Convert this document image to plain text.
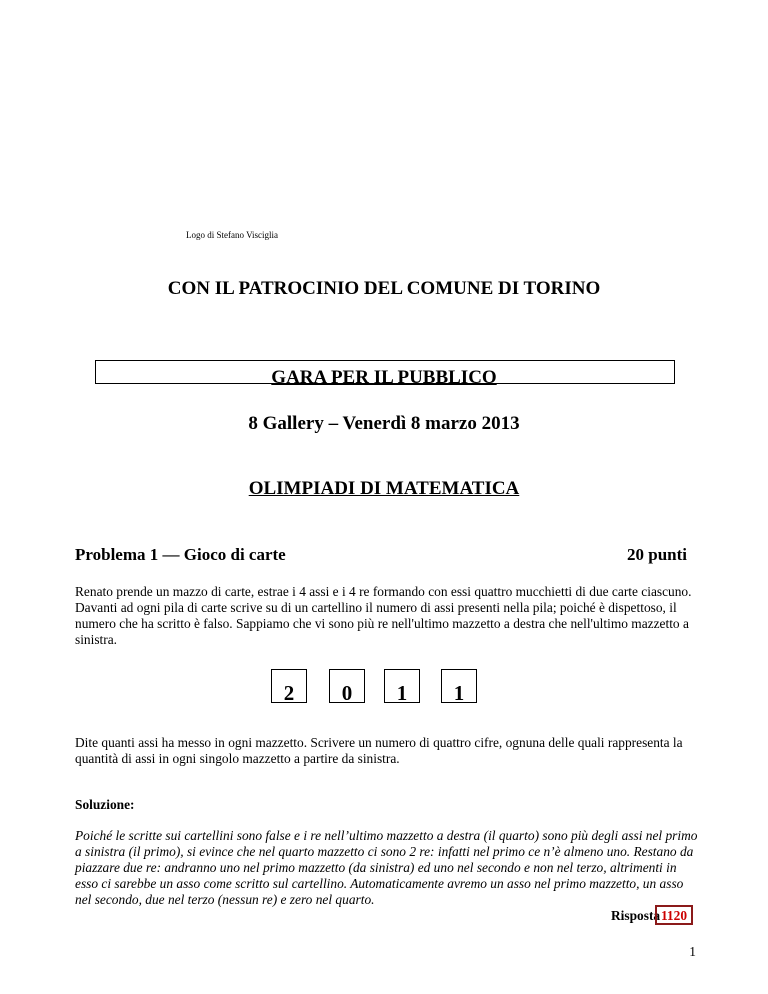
Logo di Stefano Visciglia
CON IL PATROCINIO DEL COMUNE DI TORINO
GARA PER IL PUBBLICO
8 Gallery – Venerdì 8 marzo 2013
OLIMPIADI DI MATEMATICA
Problema 1 — Gioco di carte	20 punti
Renato prende un mazzo di carte, estrae i 4 assi e i 4 re formando con essi quattro mucchietti di due carte ciascuno. Davanti ad ogni pila di carte scrive su di un cartellino il numero di assi presenti nella pila; poiché è dispettoso, il numero che ha scritto è falso. Sappiamo che vi sono più re nell'ultimo mazzetto a destra che nell'ultimo mazzetto a sinistra.
2	0	1	1
Dite quanti assi ha messo in ogni mazzetto. Scrivere un numero di quattro cifre, ognuna delle quali rappresenta la quantità di assi in ogni singolo mazzetto a partire da sinistra.
Soluzione:
Poiché le scritte sui cartellini sono false e i re nell’ultimo mazzetto a destra (il quarto) sono più degli assi nel primo a sinistra (il primo), si evince che nel quarto mazzetto ci sono 2 re: infatti nel primo ce n’è almeno uno. Restano da piazzare due re: andranno uno nel primo mazzetto (da sinistra) ed uno nel secondo e non nel terzo, altrimenti in esso ci sarebbe un asso come scritto sul cartellino. Automaticamente avremo un asso nel primo mazzetto, un asso nel secondo, due nel terzo (nessun re) e zero nel quarto.
Risposta 1120
1
